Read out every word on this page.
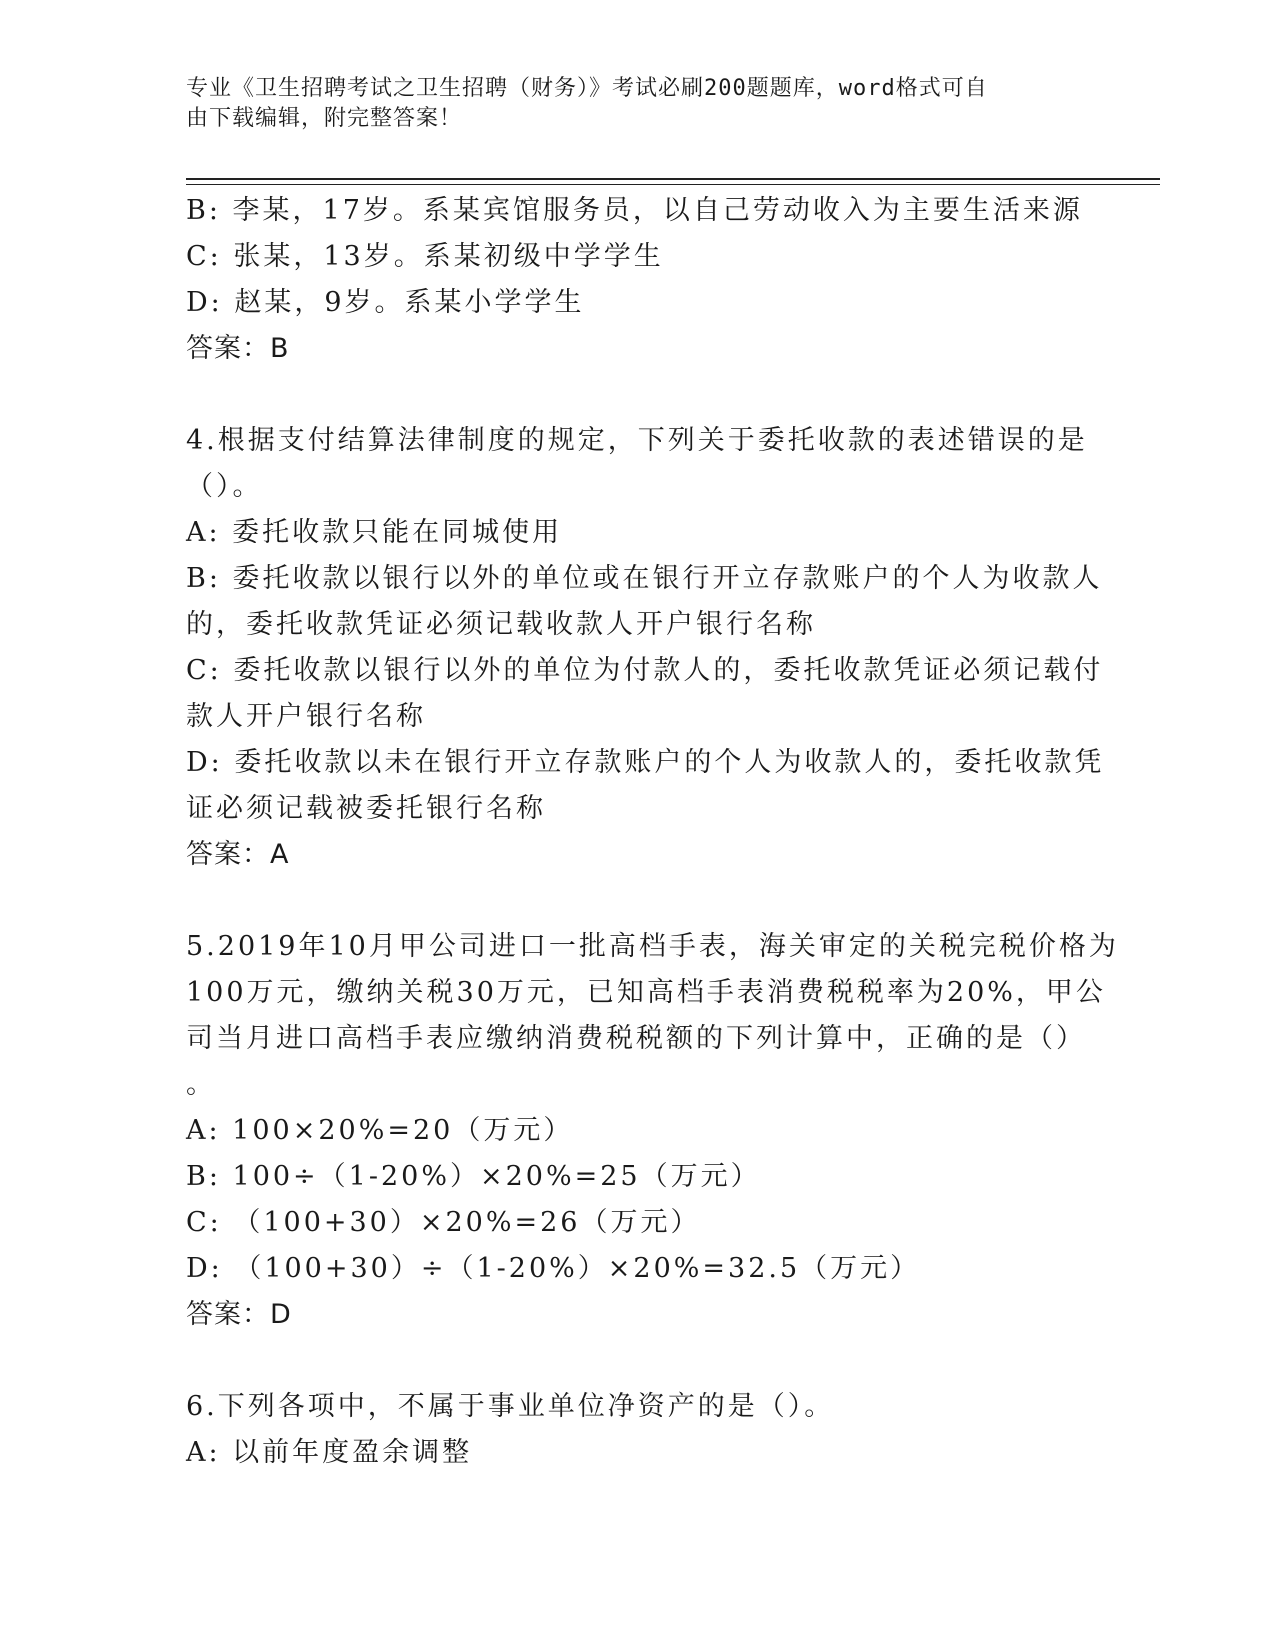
专业《卫生招聘考试之卫生招聘（财务）》考试必刷200题题库，word格式可自
由下载编辑，附完整答案！
B: 李某，17岁。系某宾馆服务员，以自己劳动收入为主要生活来源
C: 张某，13岁。系某初级中学学生
D: 赵某，9岁。系某小学学生
答案：B
4.根据支付结算法律制度的规定，下列关于委托收款的表述错误的是
（）。
A: 委托收款只能在同城使用
B: 委托收款以银行以外的单位或在银行开立存款账户的个人为收款人
的，委托收款凭证必须记载收款人开户银行名称
C: 委托收款以银行以外的单位为付款人的，委托收款凭证必须记载付
款人开户银行名称
D: 委托收款以未在银行开立存款账户的个人为收款人的，委托收款凭
证必须记载被委托银行名称
答案：A
5.2019年10月甲公司进口一批高档手表，海关审定的关税完税价格为
100万元，缴纳关税30万元，已知高档手表消费税税率为20%，甲公
司当月进口高档手表应缴纳消费税税额的下列计算中，正确的是（）
。
A: 100×20%=20（万元）
B: 100÷（1-20%）×20%=25（万元）
C: （100+30）×20%=26（万元）
D: （100+30）÷（1-20%）×20%=32.5（万元）
答案：D
6.下列各项中，不属于事业单位净资产的是（）。
A: 以前年度盈余调整
